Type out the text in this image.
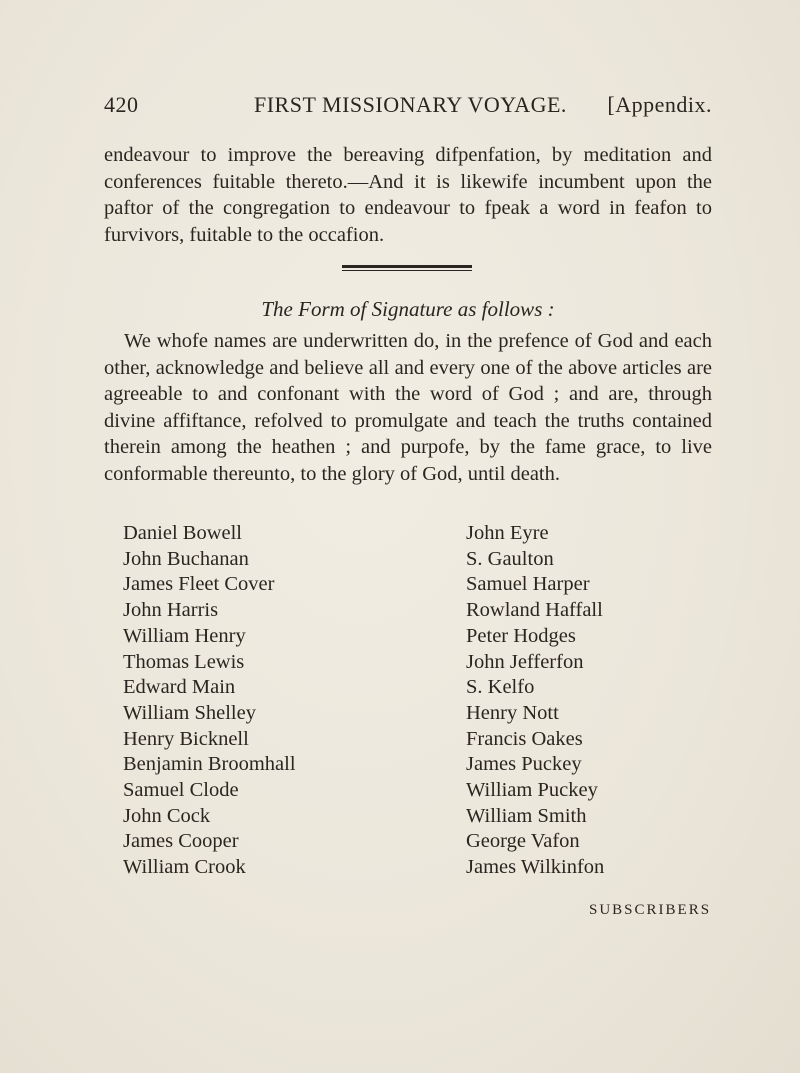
420	FIRST MISSIONARY VOYAGE. [Appendix.
endeavour to improve the bereaving difpenfation, by meditation and conferences fuitable thereto.—And it is likewife incumbent upon the paftor of the congregation to endeavour to fpeak a word in feafon to furvivors, fuitable to the occafion.
The Form of Signature as follows :
We whofe names are underwritten do, in the prefence of God and each other, acknowledge and believe all and every one of the above articles are agreeable to and confonant with the word of God ; and are, through divine affiftance, refolved to promulgate and teach the truths contained therein among the heathen ; and purpofe, by the fame grace, to live conformable thereunto, to the glory of God, until death.
Daniel Bowell
John Buchanan
James Fleet Cover
John Harris
William Henry
Thomas Lewis
Edward Main
William Shelley
Henry Bicknell
Benjamin Broomhall
Samuel Clode
John Cock
James Cooper
William Crook
John Eyre
S. Gaulton
Samuel Harper
Rowland Haffall
Peter Hodges
John Jefferfon
S. Kelfo
Henry Nott
Francis Oakes
James Puckey
William Puckey
William Smith
George Vafon
James Wilkinfon
SUBSCRIBERS
